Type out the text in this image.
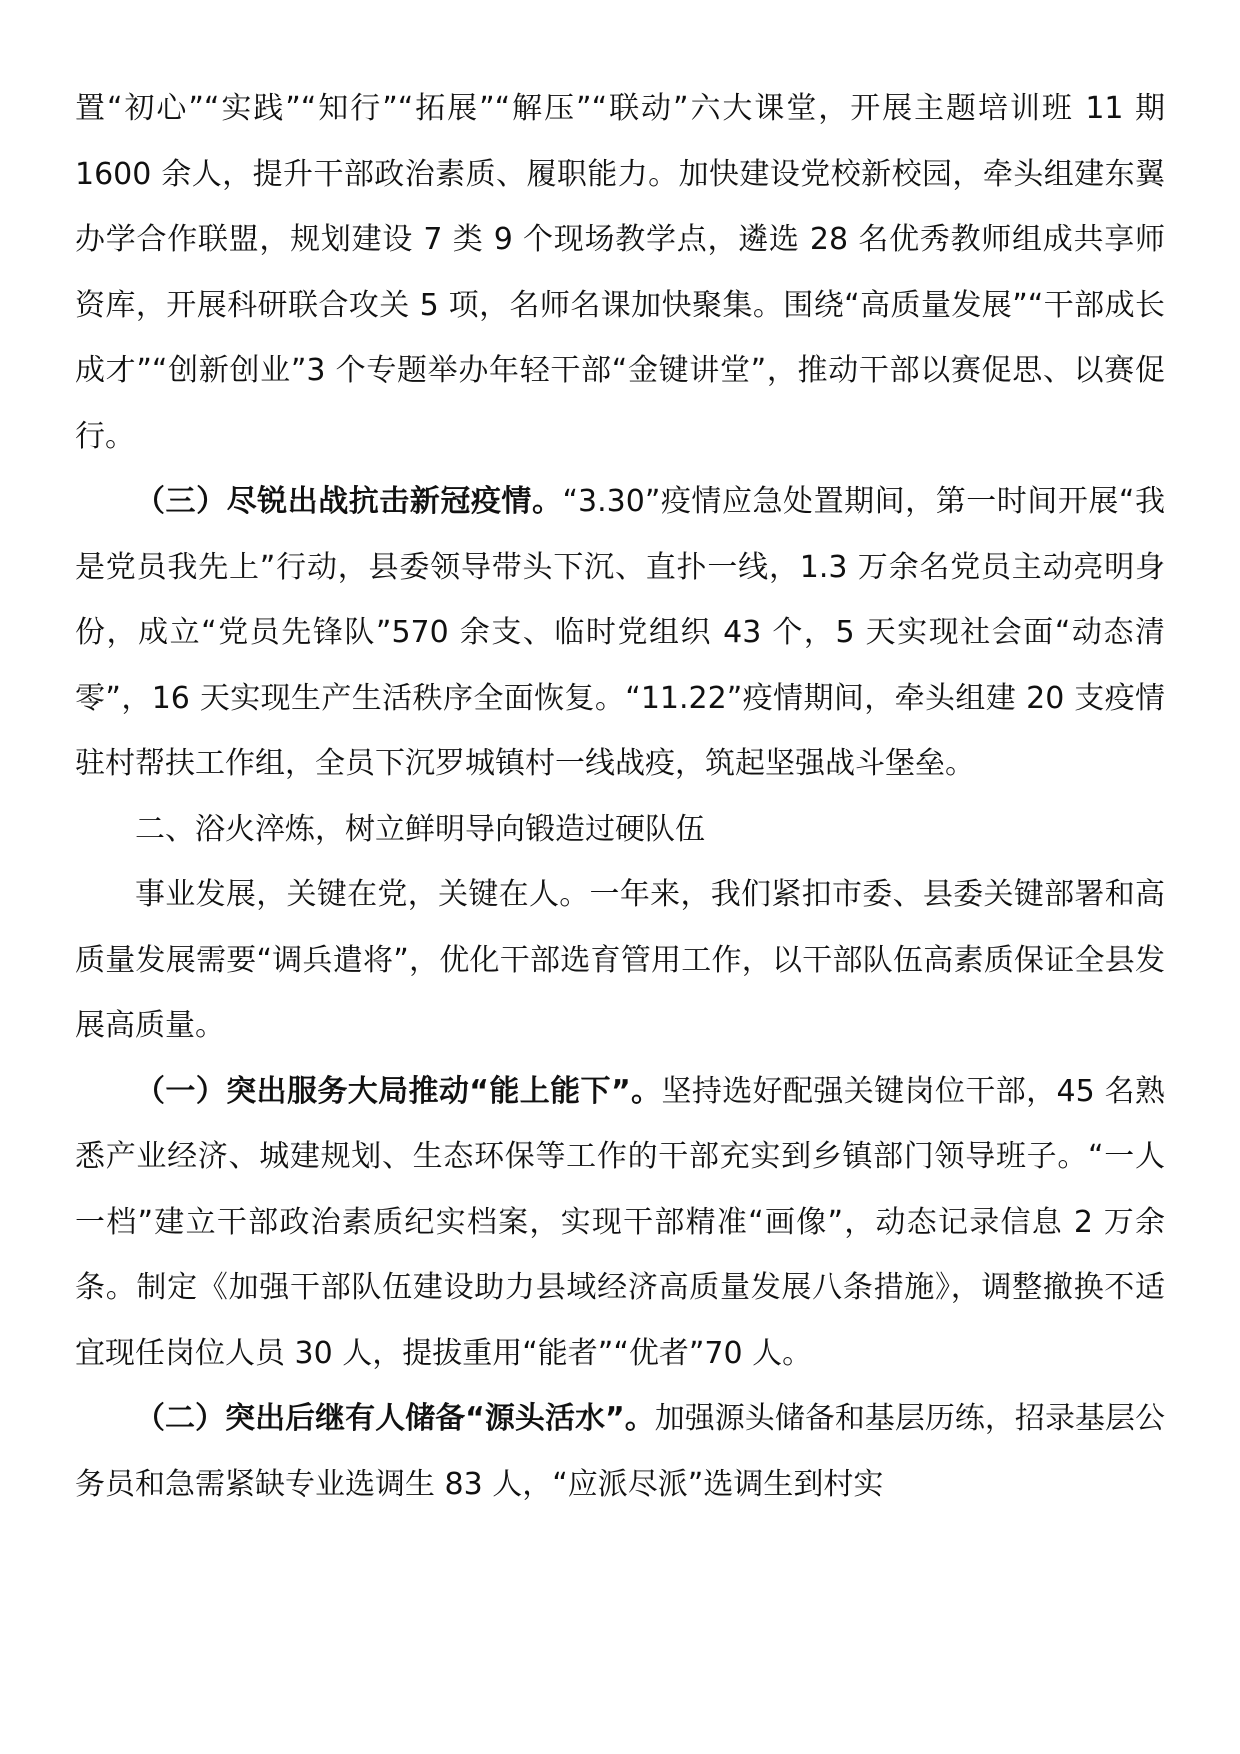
置“初心”“实践”“知行”“拓展”“解压”“联动”六大课堂，开展主题培训班 11 期 1600 余人，提升干部政治素质、履职能力。加快建设党校新校园，牵头组建东翼办学合作联盟，规划建设 7 类 9 个现场教学点，遴选 28 名优秀教师组成共享师资库，开展科研联合攻关 5 项，名师名课加快聚集。围绕“高质量发展”“干部成长成才”“创新创业”3 个专题举办年轻干部“金键讲堂”，推动干部以赛促思、以赛促行。

（三）尽锐出战抗击新冠疫情。“3.30”疫情应急处置期间，第一时间开展“我是党员我先上”行动，县委领导带头下沉、直扑一线，1.3 万余名党员主动亮明身份，成立“党员先锋队”570 余支、临时党组织 43 个，5 天实现社会面“动态清零”，16 天实现生产生活秩序全面恢复。“11.22”疫情期间，牵头组建 20 支疫情驻村帮扶工作组，全员下沉罗城镇村一线战疫，筑起坚强战斗堡垒。

二、浴火淬炼，树立鲜明导向锻造过硬队伍

事业发展，关键在党，关键在人。一年来，我们紧扣市委、县委关键部署和高质量发展需要“调兵遣将”，优化干部选育管用工作，以干部队伍高素质保证全县发展高质量。

（一）突出服务大局推动“能上能下”。坚持选好配强关键岗位干部，45 名熟悉产业经济、城建规划、生态环保等工作的干部充实到乡镇部门领导班子。“一人一档”建立干部政治素质纪实档案，实现干部精准“画像”，动态记录信息 2 万余条。制定《加强干部队伍建设助力县域经济高质量发展八条措施》，调整撤换不适宜现任岗位人员 30 人，提拔重用“能者”“优者”70 人。

（二）突出后继有人储备“源头活水”。加强源头储备和基层历练，招录基层公务员和急需紧缺专业选调生 83 人，“应派尽派”选调生到村实
